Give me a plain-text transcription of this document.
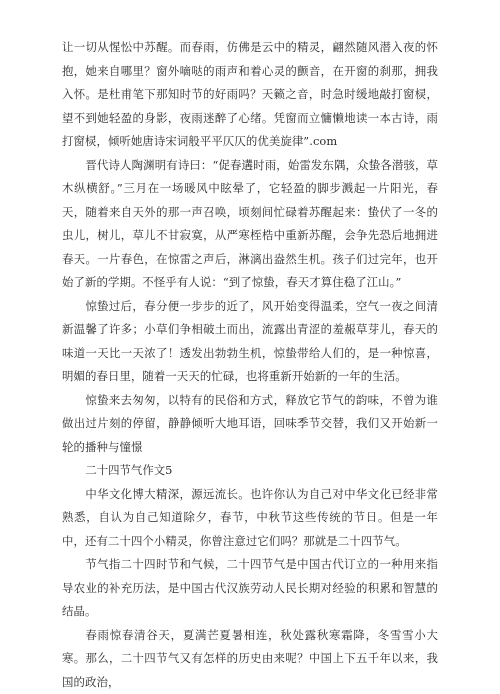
让一切从惺忪中苏醒。而春雨，仿佛是云中的精灵，翩然随风潜入夜的怀抱，她来自哪里？窗外嘀哒的雨声和着心灵的颤音，在开窗的刹那，拥我入怀。是杜甫笔下那知时节的好雨吗？天籁之音，时急时缓地敲打窗棂，望不到她轻盈的身影，夜雨迷醉了心绪。凭窗而立慵懒地读一本古诗，雨打窗棂，倾听她唐诗宋词般平平仄仄的优美旋律”.com

晋代诗人陶渊明有诗曰：“促春遘时雨，始雷发东隅，众蛰各潜骇，草木纵横舒。”三月在一场暖风中眩晕了，它轻盈的脚步溅起一片阳光，春天，随着来自天外的那一声召唤，顷刻间忙碌着苏醒起来：蛰伏了一冬的虫儿，树儿，草儿不甘寂寞，从严寒桎梏中重新苏醒，会争先恐后地拥进春天。一片春色，在惊雷之声后，淋漓出盎然生机。孩子们过完年，也开始了新的学期。不怪乎有人说：“到了惊蛰，春天才算住稳了江山。”

惊蛰过后，春分便一步步的近了，风开始变得温柔，空气一夜之间清新温馨了许多；小草们争相破土而出，流露出青涩的羞赧草芽儿，春天的味道一天比一天浓了！透发出勃勃生机，惊蛰带给人们的，是一种惊喜，明媚的春日里，随着一天天的忙碌，也将重新开始新的一年的生活。

惊蛰来去匆匆，以特有的民俗和方式，释放它节气的韵味，不曾为谁做出过片刻的停留，静静倾听大地耳语，回味季节交替，我们又开始新一轮的播种与憧憬

二十四节气作文5

中华文化博大精深，源远流长。也许你认为自己对中华文化已经非常熟悉，自认为自己知道除夕，春节，中秋节这些传统的节日。但是一年中，还有二十四个小精灵，你曾注意过它们吗？那就是二十四节气。

节气指二十四时节和气候，二十四节气是中国古代订立的一种用来指导农业的补充历法，是中国古代汉族劳动人民长期对经验的积累和智慧的结晶。

春雨惊春清谷天，夏满芒夏暑相连，秋处露秋寒霜降，冬雪雪小大寒。那么，二十四节气又有怎样的历史由来呢？中国上下五千年以来，我国的政治，
